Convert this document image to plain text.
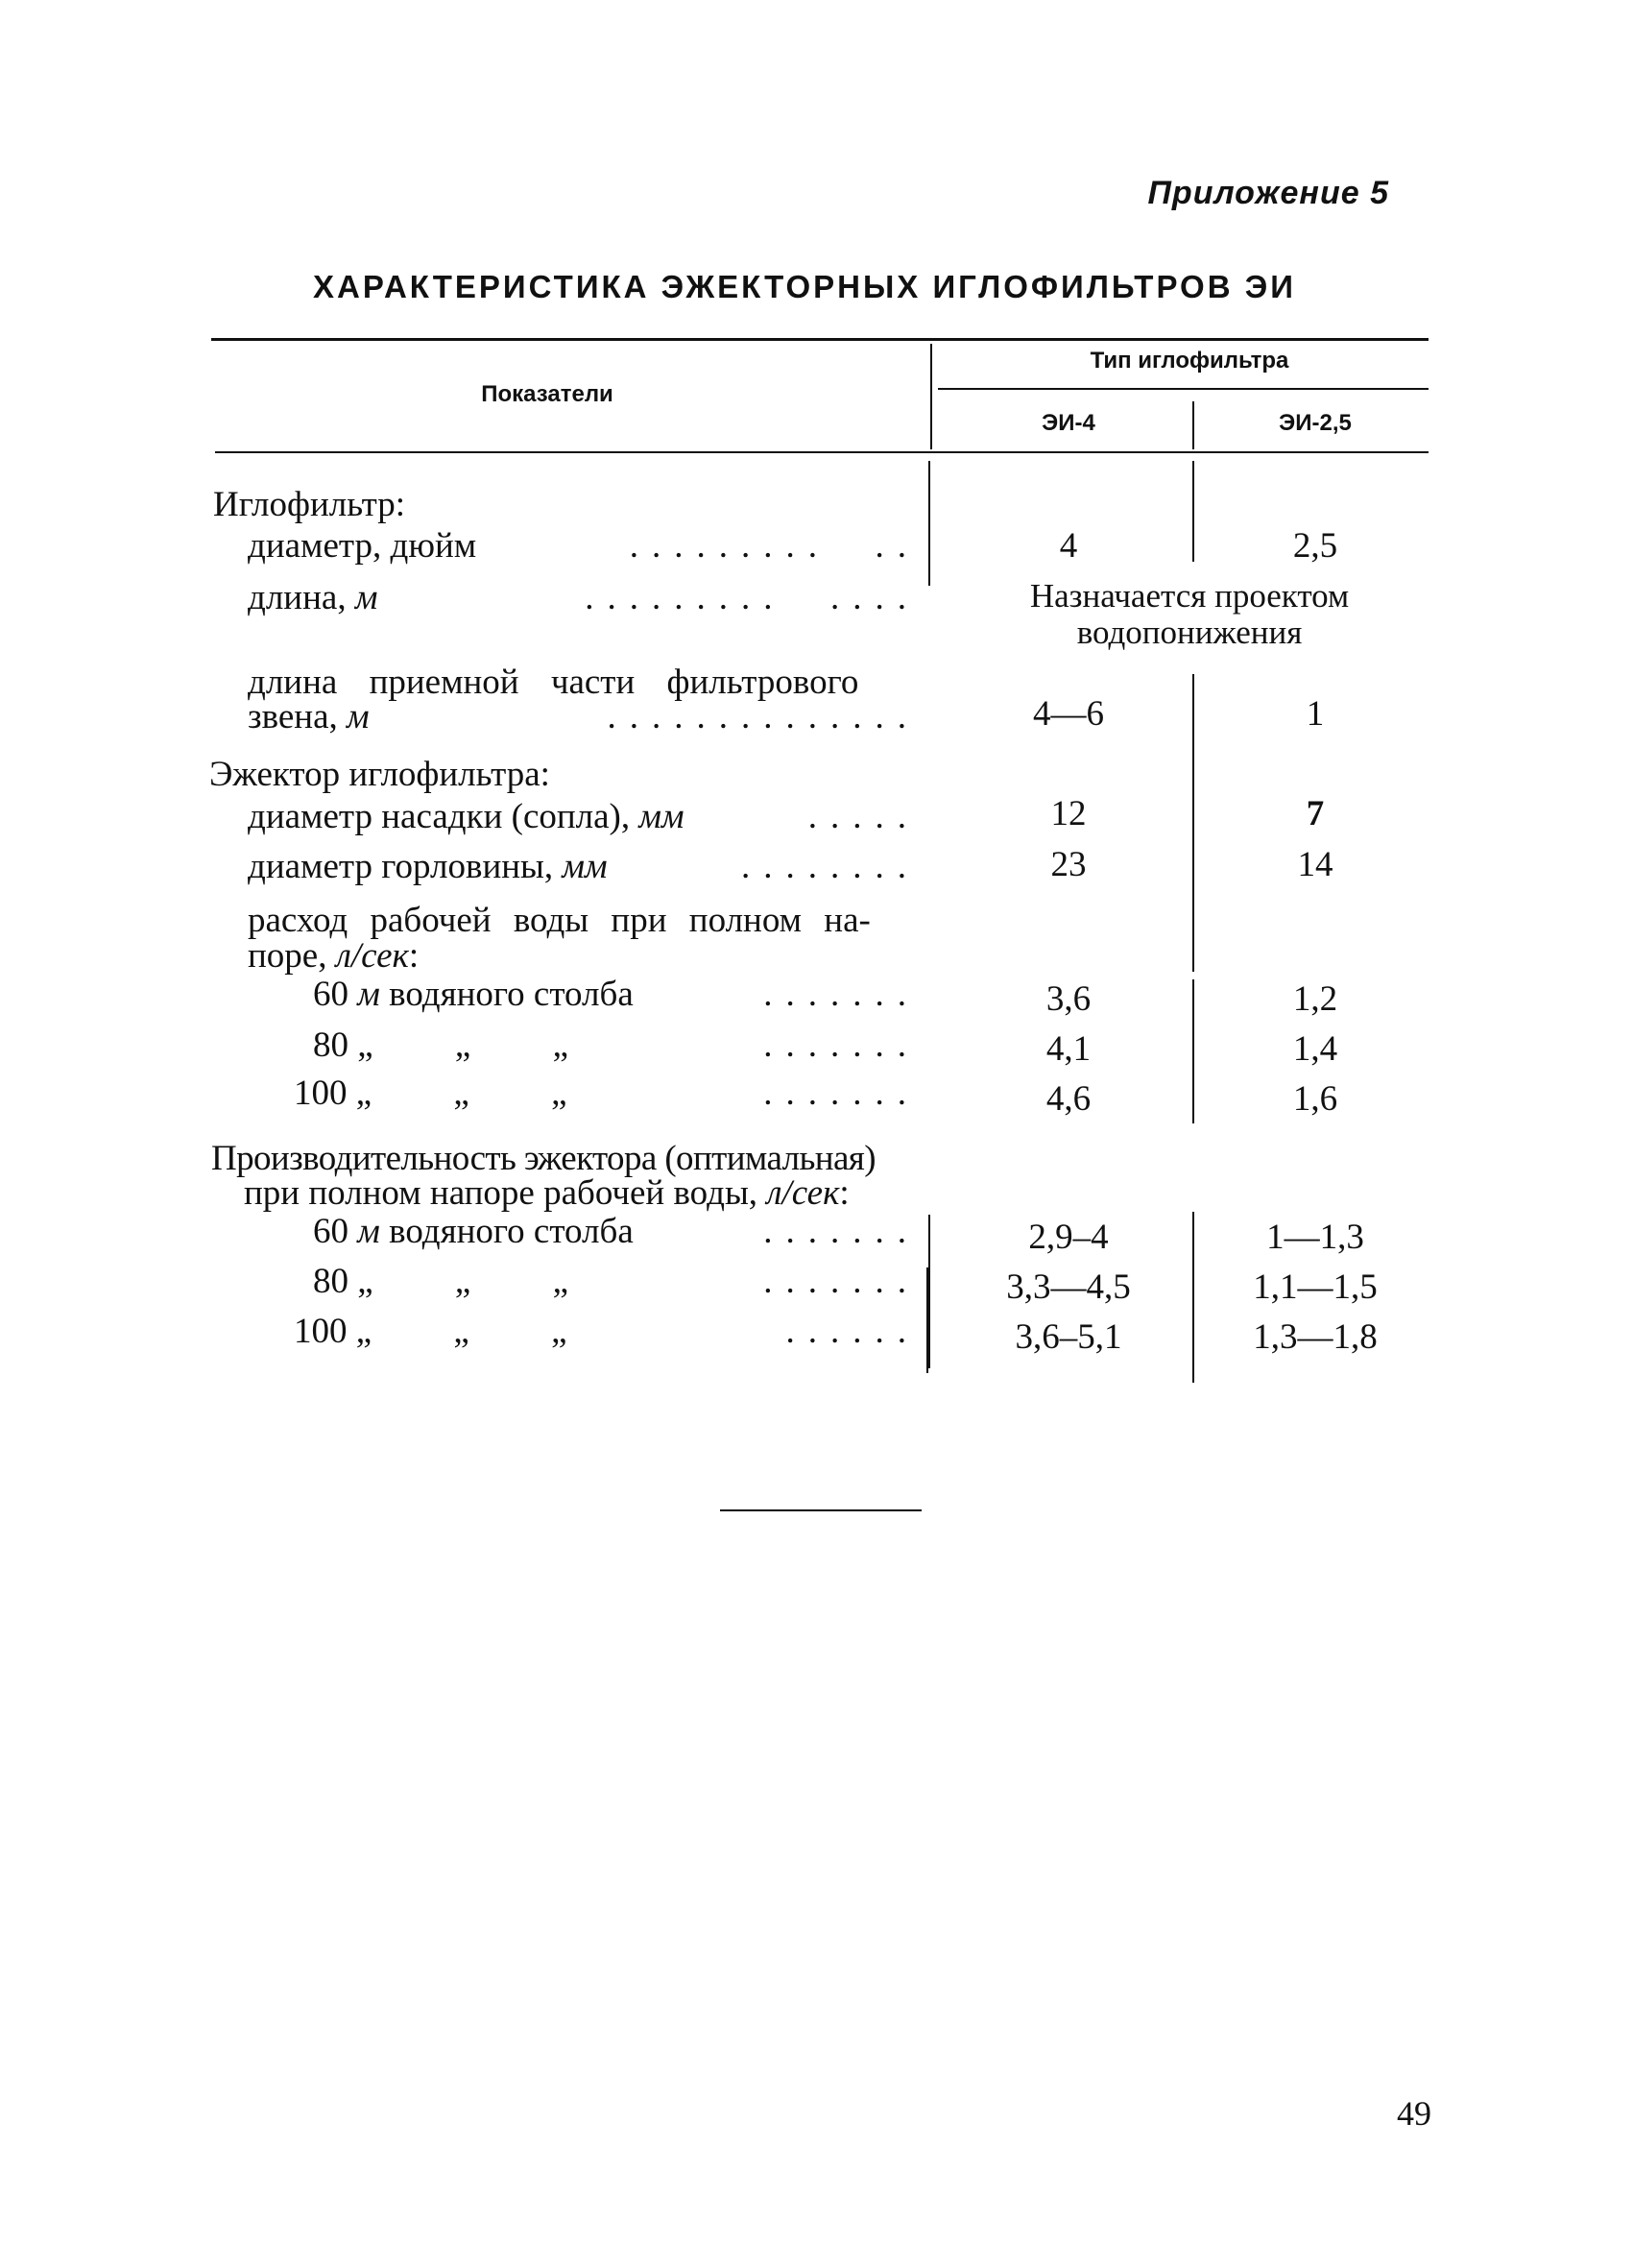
Приложение 5
ХАРАКТЕРИСТИКА ЭЖЕКТОРНЫХ ИГЛОФИЛЬТРОВ ЭИ
Показатели
Тип иглофильтра
ЭИ-4	ЭИ-2,5
Иглофильтр:
диаметр, дюйм	.........  ..	4	2,5
длина, м	.........  ....	Назначается проектом
водопонижения
длина приемной части фильтрового
звена, м	..............	4—6	1
Эжектор иглофильтра:
диаметр насадки (сопла), мм	.....	12	7
диаметр горловины, мм	........	23	14
расход рабочей воды при полном на-
поре, л/сек:
60 м водяного столба	.......	3,6	1,2
80 „ „ „	.......	4,1	1,4
100 „ „ „	.......	4,6	1,6
Производительность эжектора (оптимальная)
при полном напоре рабочей воды, л/сек:
60 м водяного столба	.......	2,9–4	1—1,3
80 „ „ „	.......	3,3—4,5	1,1—1,5
100 „ „ „	......	3,6–5,1	1,3—1,8
49
